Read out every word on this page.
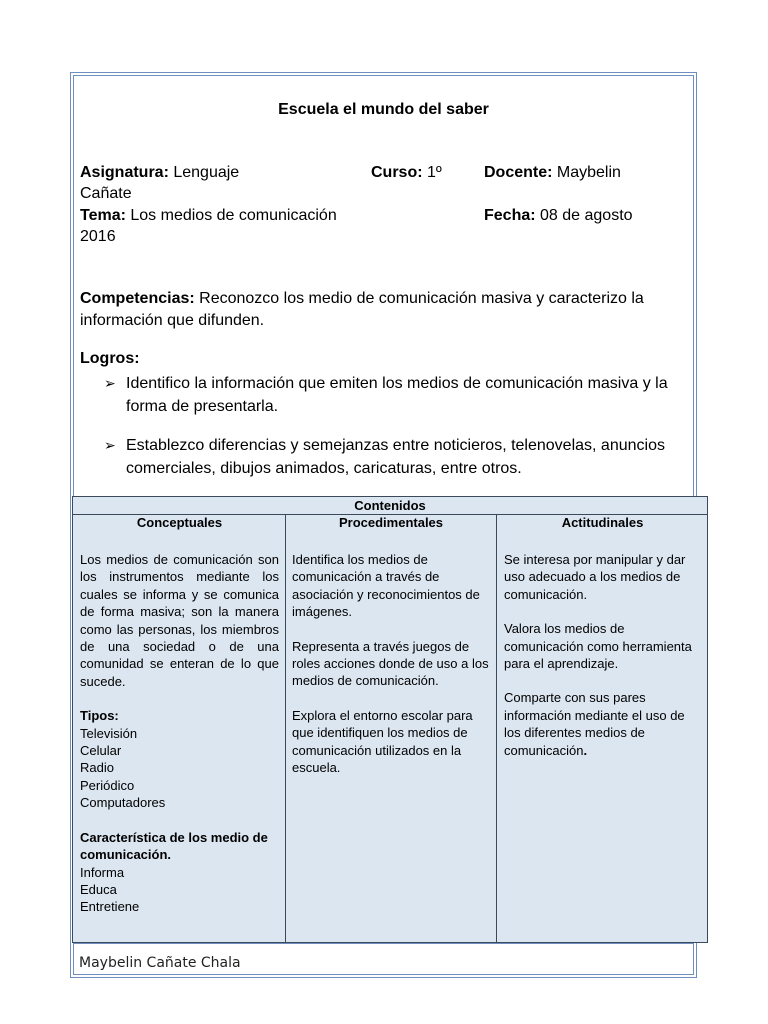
Escuela el mundo del saber
Asignatura: Lenguaje
Cañate
Curso: 1º	Docente: Maybelin
Tema: Los medios de comunicación
2016
Fecha: 08 de agosto
Competencias: Reconozco los medio de comunicación masiva y caracterizo la información que difunden.
Logros:
➢ Identifico la información que emiten los medios de comunicación masiva y la forma de presentarla.
➢ Establezco diferencias y semejanzas entre noticieros, telenovelas, anuncios comerciales, dibujos animados, caricaturas, entre otros.
Contenidos
Conceptuales

Los medios de comunicación son los instrumentos mediante los cuales se informa y se comunica de forma masiva; son la manera como las personas, los miembros de una sociedad o de una comunidad se enteran de lo que sucede.

Tipos:

Televisión

Celular

Radio

Periódico

Computadores

Característica de los medio de comunicación.

Informa

Educa

Entretiene

Procedimentales

Identifica los medios de comunicación a través de asociación y reconocimientos de imágenes.

Representa a través juegos de roles acciones donde de uso a los medios de comunicación.

Explora el entorno escolar para que identifiquen los medios de comunicación utilizados en la escuela.

Actitudinales

Se interesa por manipular y dar uso adecuado a los medios de comunicación.

Valora los medios de comunicación como herramienta para el aprendizaje.

Comparte con sus pares información mediante el uso de los diferentes medios de comunicación.

Maybelin Cañate Chala
